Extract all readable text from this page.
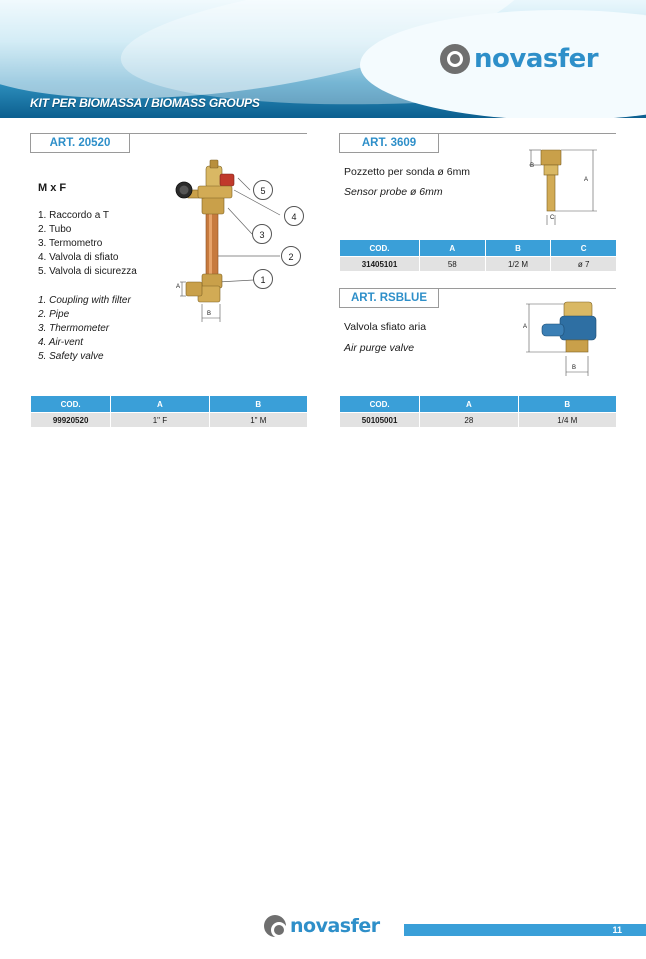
novasfer
KIT PER BIOMASSA / BIOMASS GROUPS
ART. 20520
M x F
1. Raccordo a T
2. Tubo
3. Termometro
4. Valvola di sfiato
5. Valvola di sicurezza
1. Coupling with filter
2. Pipe
3. Thermometer
4. Air-vent
5. Safety valve
A
B
5
4
3
2
1
COD.	A	B
99920520	1" F	1" M
ART. 3609
Pozzetto per sonda ø 6mm
Sensor probe ø 6mm
B
A
C
COD.	A	B	C
31405101	58	1/2 M	ø 7
ART. RSBLUE
Valvola sfiato aria
Air purge valve
A
B
COD.	A	B
50105001	28	1/4 M
novasfer	11
